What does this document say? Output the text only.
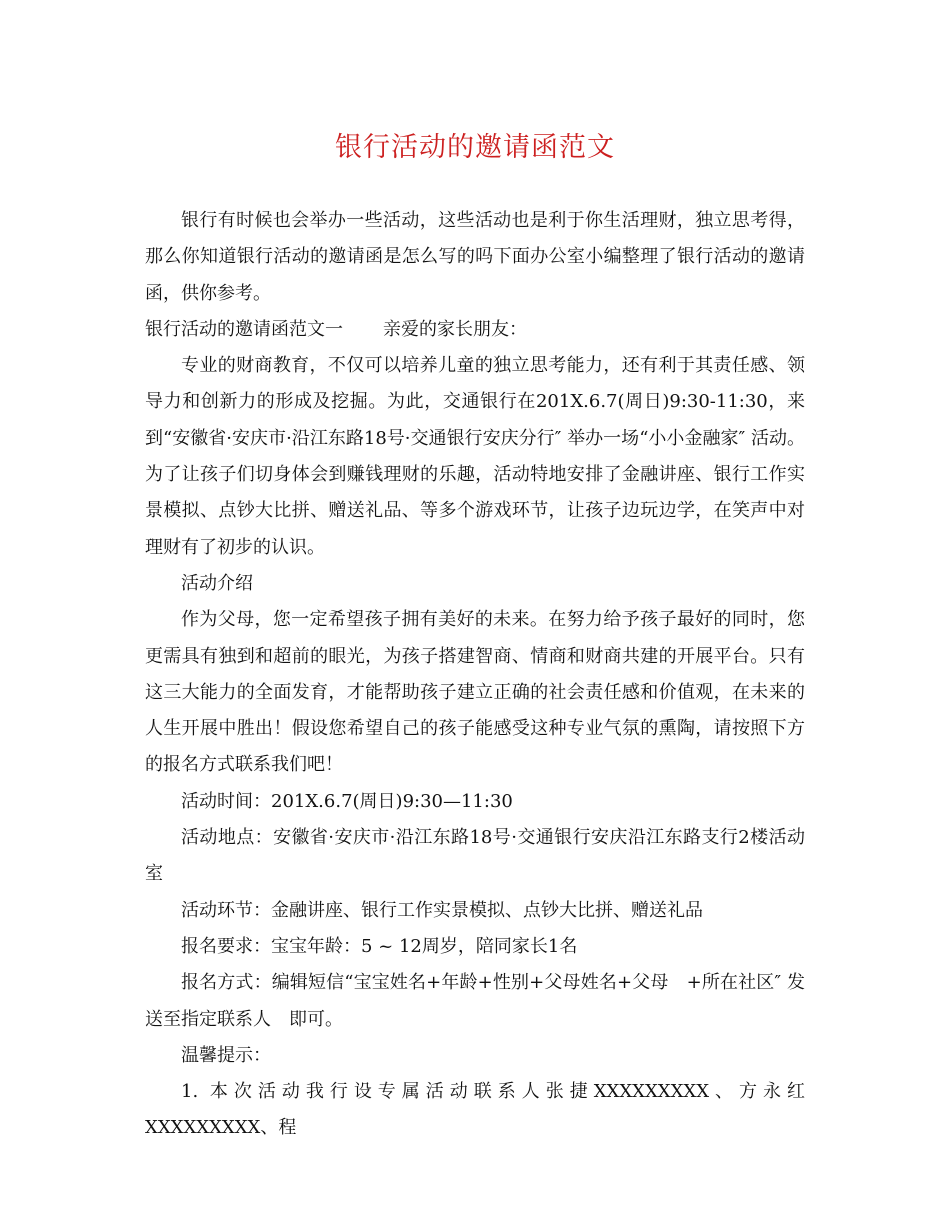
银行活动的邀请函范文

银行有时候也会举办一些活动，这些活动也是利于你生活理财，独立思考得，那么你知道银行活动的邀请函是怎么写的吗下面办公室小编整理了银行活动的邀请函，供你参考。

银行活动的邀请函范文一 亲爱的家长朋友：

专业的财商教育，不仅可以培养儿童的独立思考能力，还有利于其责任感、领导力和创新力的形成及挖掘。为此，交通银行在201X.6.7(周日)9:30-11:30，来到“安徽省·安庆市·沿江东路18号·交通银行安庆分行″ 举办一场“小小金融家″ 活动。为了让孩子们切身体会到赚钱理财的乐趣，活动特地安排了金融讲座、银行工作实景模拟、点钞大比拼、赠送礼品、等多个游戏环节，让孩子边玩边学，在笑声中对理财有了初步的认识。

活动介绍

作为父母，您一定希望孩子拥有美好的未来。在努力给予孩子最好的同时，您更需具有独到和超前的眼光，为孩子搭建智商、情商和财商共建的开展平台。只有这三大能力的全面发育，才能帮助孩子建立正确的社会责任感和价值观，在未来的人生开展中胜出！假设您希望自己的孩子能感受这种专业气氛的熏陶，请按照下方的报名方式联系我们吧！

活动时间：201X.6.7(周日)9:30—11:30

活动地点：安徽省·安庆市·沿江东路18号·交通银行安庆沿江东路支行2楼活动室

活动环节：金融讲座、银行工作实景模拟、点钞大比拼、赠送礼品

报名要求：宝宝年龄：5 ~ 12周岁，陪同家长1名

报名方式：编辑短信“宝宝姓名+年龄+性别+父母姓名+父母　+所在社区″ 发送至指定联系人　即可。

温馨提示：

1. 本次活动我行设专属活动联系人张捷XXXXXXXXX、方永红XXXXXXXXX、程
